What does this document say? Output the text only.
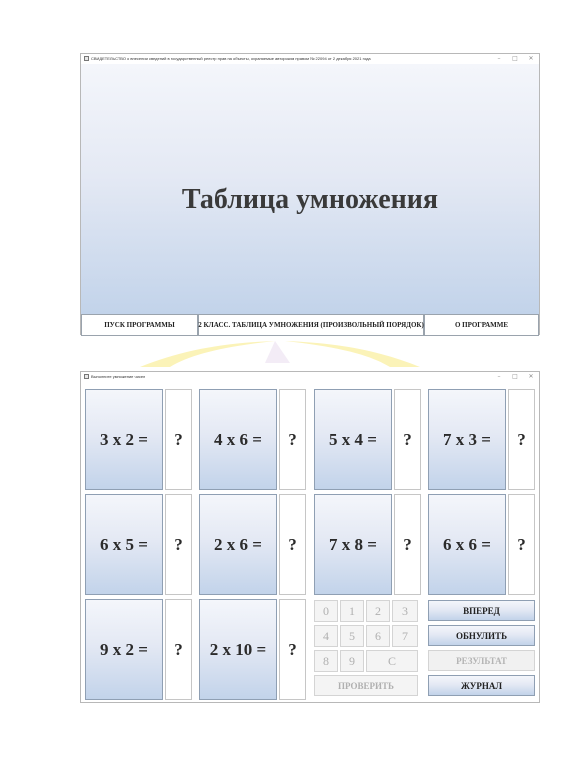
СВИДЕТЕЛЬСТВО о внесении сведений в государственный реестр прав на объекты, охраняемые авторским правом № 22094 от 2 декабря 2021 года	–	□	✕
Таблица умножения
ПУСК ПРОГРАММЫ	2 КЛАСС. ТАБЛИЦА УМНОЖЕНИЯ (ПРОИЗВОЛЬНЫЙ ПОРЯДОК)	О ПРОГРАММЕ
Выполните умножение чисел	–	□	✕
3 x 2 =	?	4 x 6 =	?	5 x 4 =	?	7 x 3 =	?
6 x 5 =	?	2 x 6 =	?	7 x 8 =	?	6 x 6 =	?
9 x 2 =	?	2 x 10 =	?
0	1	2	3
4	5	6	7
8	9	C
ПРОВЕРИТЬ
ВПЕРЕД
ОБНУЛИТЬ
РЕЗУЛЬТАТ
ЖУРНАЛ
